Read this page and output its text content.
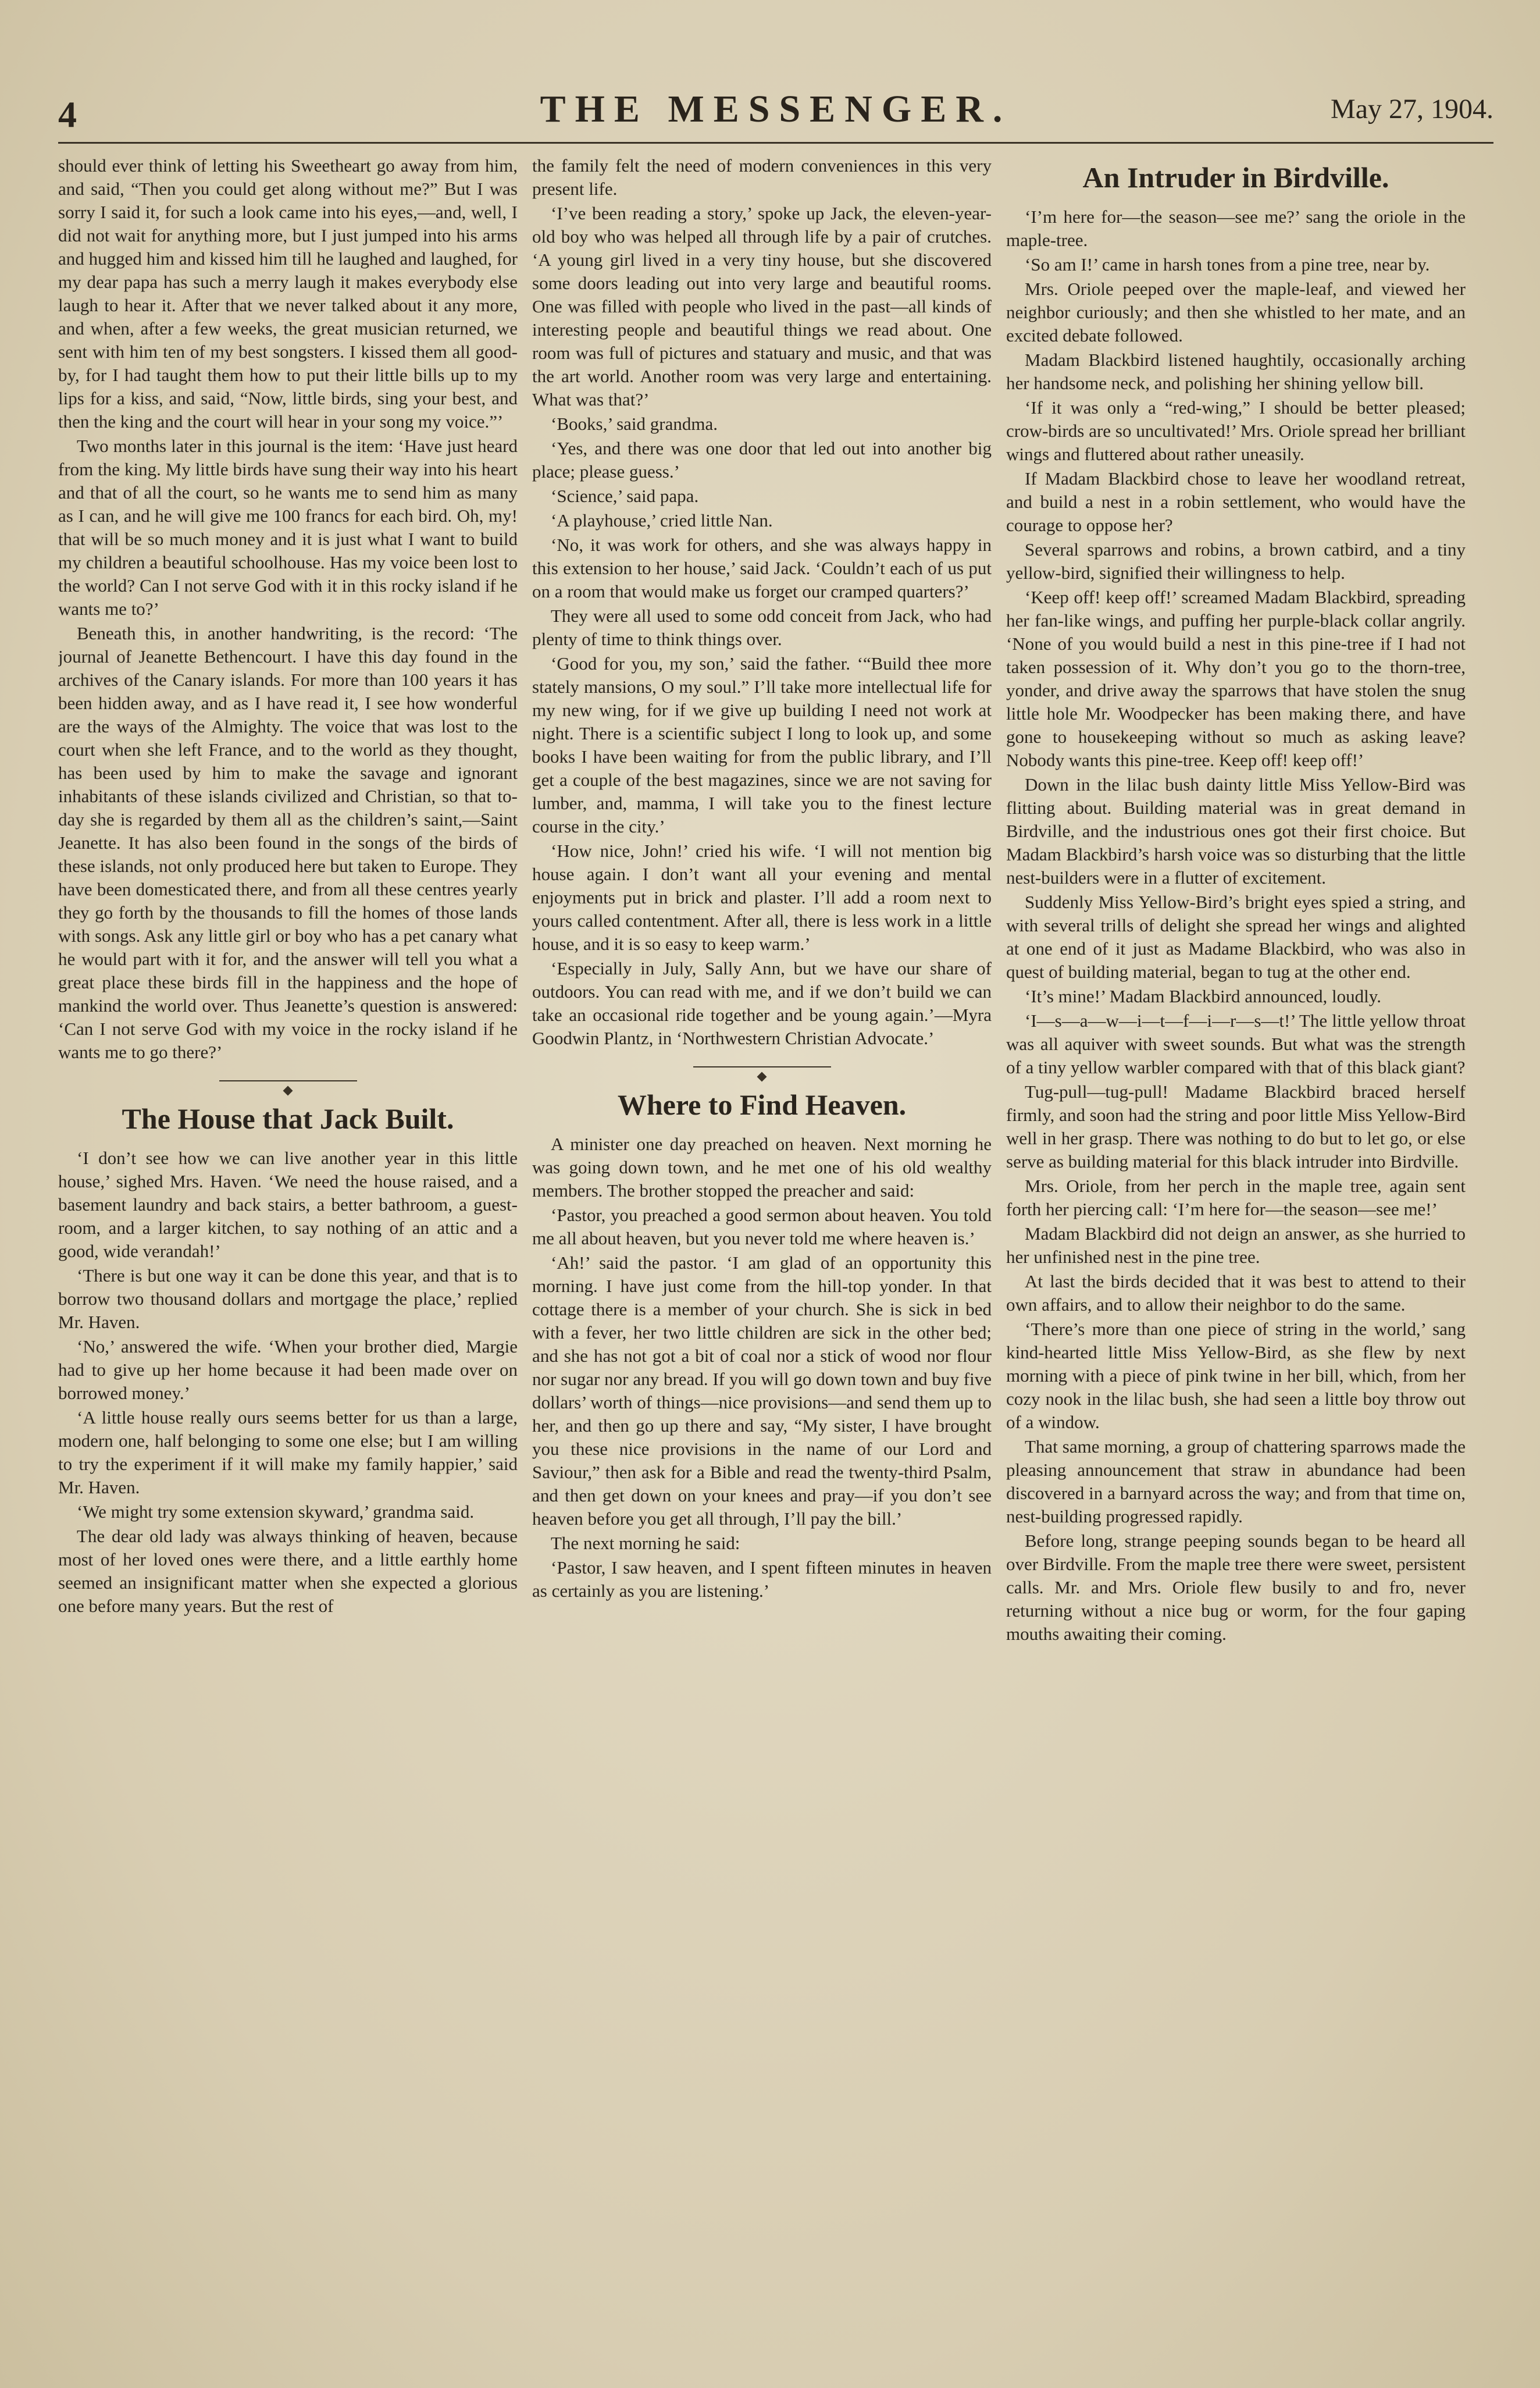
4	THE MESSENGER.	May 27, 1904.

should ever think of letting his Sweetheart go away from him, and said, “Then you could get along without me?” But I was sorry I said it, for such a look came into his eyes,—and, well, I did not wait for anything more, but I just jumped into his arms and hugged him and kissed him till he laughed and laughed, for my dear papa has such a merry laugh it makes everybody else laugh to hear it. After that we never talked about it any more, and when, after a few weeks, the great musician returned, we sent with him ten of my best songsters. I kissed them all good-by, for I had taught them how to put their little bills up to my lips for a kiss, and said, “Now, little birds, sing your best, and then the king and the court will hear in your song my voice.”’

Two months later in this journal is the item: ‘Have just heard from the king. My little birds have sung their way into his heart and that of all the court, so he wants me to send him as many as I can, and he will give me 100 francs for each bird. Oh, my! that will be so much money and it is just what I want to build my children a beautiful schoolhouse. Has my voice been lost to the world? Can I not serve God with it in this rocky island if he wants me to?’

Beneath this, in another handwriting, is the record: ‘The journal of Jeanette Bethencourt. I have this day found in the archives of the Canary islands. For more than 100 years it has been hidden away, and as I have read it, I see how wonderful are the ways of the Almighty. The voice that was lost to the court when she left France, and to the world as they thought, has been used by him to make the savage and ignorant inhabitants of these islands civilized and Christian, so that to-day she is regarded by them all as the children’s saint,—Saint Jeanette. It has also been found in the songs of the birds of these islands, not only produced here but taken to Europe. They have been domesticated there, and from all these centres yearly they go forth by the thousands to fill the homes of those lands with songs. Ask any little girl or boy who has a pet canary what he would part with it for, and the answer will tell you what a great place these birds fill in the happiness and the hope of mankind the world over. Thus Jeanette’s question is answered: ‘Can I not serve God with my voice in the rocky island if he wants me to go there?’

The House that Jack Built.

‘I don’t see how we can live another year in this little house,’ sighed Mrs. Haven. ‘We need the house raised, and a basement laundry and back stairs, a better bathroom, a guest-room, and a larger kitchen, to say nothing of an attic and a good, wide verandah!’

‘There is but one way it can be done this year, and that is to borrow two thousand dollars and mortgage the place,’ replied Mr. Haven.

‘No,’ answered the wife. ‘When your brother died, Margie had to give up her home because it had been made over on borrowed money.’

‘A little house really ours seems better for us than a large, modern one, half belonging to some one else; but I am willing to try the experiment if it will make my family happier,’ said Mr. Haven.

‘We might try some extension skyward,’ grandma said.

The dear old lady was always thinking of heaven, because most of her loved ones were there, and a little earthly home seemed an insignificant matter when she expected a glorious one before many years. But the rest of

the family felt the need of modern conveniences in this very present life.

‘I’ve been reading a story,’ spoke up Jack, the eleven-year-old boy who was helped all through life by a pair of crutches. ‘A young girl lived in a very tiny house, but she discovered some doors leading out into very large and beautiful rooms. One was filled with people who lived in the past—all kinds of interesting people and beautiful things we read about. One room was full of pictures and statuary and music, and that was the art world. Another room was very large and entertaining. What was that?’

‘Books,’ said grandma.

‘Yes, and there was one door that led out into another big place; please guess.’

‘Science,’ said papa.

‘A playhouse,’ cried little Nan.

‘No, it was work for others, and she was always happy in this extension to her house,’ said Jack. ‘Couldn’t each of us put on a room that would make us forget our cramped quarters?’

They were all used to some odd conceit from Jack, who had plenty of time to think things over.

‘Good for you, my son,’ said the father. ‘“Build thee more stately mansions, O my soul.” I’ll take more intellectual life for my new wing, for if we give up building I need not work at night. There is a scientific subject I long to look up, and some books I have been waiting for from the public library, and I’ll get a couple of the best magazines, since we are not saving for lumber, and, mamma, I will take you to the finest lecture course in the city.’

‘How nice, John!’ cried his wife. ‘I will not mention big house again. I don’t want all your evening and mental enjoyments put in brick and plaster. I’ll add a room next to yours called contentment. After all, there is less work in a little house, and it is so easy to keep warm.’

‘Especially in July, Sally Ann, but we have our share of outdoors. You can read with me, and if we don’t build we can take an occasional ride together and be young again.’—Myra Goodwin Plantz, in ‘Northwestern Christian Advocate.’

Where to Find Heaven.

A minister one day preached on heaven. Next morning he was going down town, and he met one of his old wealthy members. The brother stopped the preacher and said:

‘Pastor, you preached a good sermon about heaven. You told me all about heaven, but you never told me where heaven is.’

‘Ah!’ said the pastor. ‘I am glad of an opportunity this morning. I have just come from the hill-top yonder. In that cottage there is a member of your church. She is sick in bed with a fever, her two little children are sick in the other bed; and she has not got a bit of coal nor a stick of wood nor flour nor sugar nor any bread. If you will go down town and buy five dollars’ worth of things—nice provisions—and send them up to her, and then go up there and say, “My sister, I have brought you these nice provisions in the name of our Lord and Saviour,” then ask for a Bible and read the twenty-third Psalm, and then get down on your knees and pray—if you don’t see heaven before you get all through, I’ll pay the bill.’

The next morning he said:

‘Pastor, I saw heaven, and I spent fifteen minutes in heaven as certainly as you are listening.’

An Intruder in Birdville.

‘I’m here for—the season—see me?’ sang the oriole in the maple-tree.

‘So am I!’ came in harsh tones from a pine tree, near by.

Mrs. Oriole peeped over the maple-leaf, and viewed her neighbor curiously; and then she whistled to her mate, and an excited debate followed.

Madam Blackbird listened haughtily, occasionally arching her handsome neck, and polishing her shining yellow bill.

‘If it was only a “red-wing,” I should be better pleased; crow-birds are so uncultivated!’ Mrs. Oriole spread her brilliant wings and fluttered about rather uneasily.

If Madam Blackbird chose to leave her woodland retreat, and build a nest in a robin settlement, who would have the courage to oppose her?

Several sparrows and robins, a brown catbird, and a tiny yellow-bird, signified their willingness to help.

‘Keep off! keep off!’ screamed Madam Blackbird, spreading her fan-like wings, and puffing her purple-black collar angrily. ‘None of you would build a nest in this pine-tree if I had not taken possession of it. Why don’t you go to the thorn-tree, yonder, and drive away the sparrows that have stolen the snug little hole Mr. Woodpecker has been making there, and have gone to housekeeping without so much as asking leave? Nobody wants this pine-tree. Keep off! keep off!’

Down in the lilac bush dainty little Miss Yellow-Bird was flitting about. Building material was in great demand in Birdville, and the industrious ones got their first choice. But Madam Blackbird’s harsh voice was so disturbing that the little nest-builders were in a flutter of excitement.

Suddenly Miss Yellow-Bird’s bright eyes spied a string, and with several trills of delight she spread her wings and alighted at one end of it just as Madame Blackbird, who was also in quest of building material, began to tug at the other end.

‘It’s mine!’ Madam Blackbird announced, loudly.

‘I—s—a—w—i—t—f—i—r—s—t!’ The little yellow throat was all aquiver with sweet sounds. But what was the strength of a tiny yellow warbler compared with that of this black giant?

Tug-pull—tug-pull! Madame Blackbird braced herself firmly, and soon had the string and poor little Miss Yellow-Bird well in her grasp. There was nothing to do but to let go, or else serve as building material for this black intruder into Birdville.

Mrs. Oriole, from her perch in the maple tree, again sent forth her piercing call: ‘I’m here for—the season—see me!’

Madam Blackbird did not deign an answer, as she hurried to her unfinished nest in the pine tree.

At last the birds decided that it was best to attend to their own affairs, and to allow their neighbor to do the same.

‘There’s more than one piece of string in the world,’ sang kind-hearted little Miss Yellow-Bird, as she flew by next morning with a piece of pink twine in her bill, which, from her cozy nook in the lilac bush, she had seen a little boy throw out of a window.

That same morning, a group of chattering sparrows made the pleasing announcement that straw in abundance had been discovered in a barnyard across the way; and from that time on, nest-building progressed rapidly.

Before long, strange peeping sounds began to be heard all over Birdville. From the maple tree there were sweet, persistent calls. Mr. and Mrs. Oriole flew busily to and fro, never returning without a nice bug or worm, for the four gaping mouths awaiting their coming.
